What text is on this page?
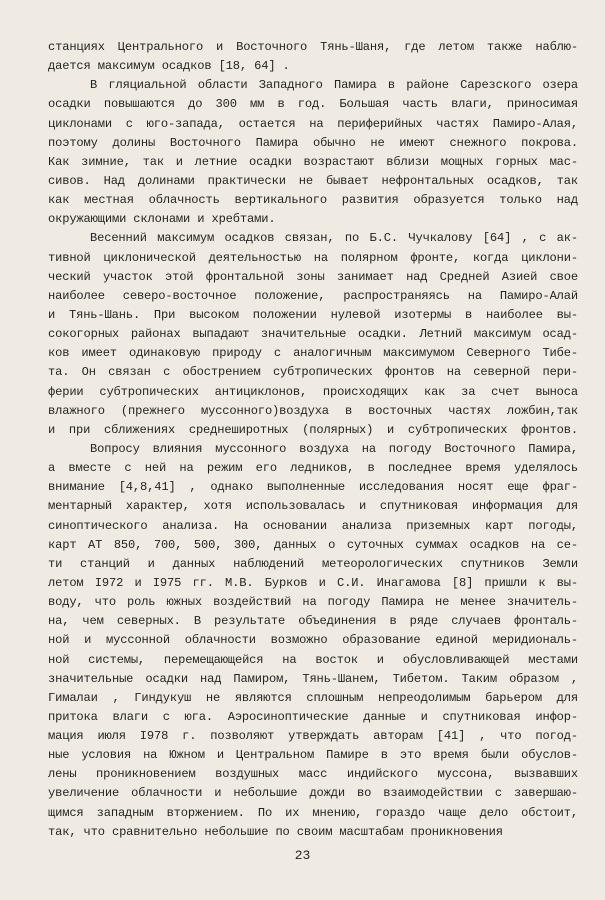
станциях Центрального и Восточного Тянь-Шаня, где летом также наблю-
дается максимум осадков [18, 64] .
В гляциальной области Западного Памира в районе Сарезского озера
осадки повышаются до 300 мм в год. Большая часть влаги, приносимая
циклонами с юго-запада, остается на периферийных частях Памиро-Алая,
поэтому долины Восточного Памира обычно не имеют снежного покрова.
Как зимние, так и летние осадки возрастают вблизи мощных горных мас-
сивов. Над долинами практически не бывает нефронтальных осадков, так
как местная облачность вертикального развития образуется только над
окружающими склонами и хребтами.
Весенний максимум осадков связан, по Б.С. Чучкалову [64] , с ак-
тивной циклонической деятельностью на полярном фронте, когда циклони-
ческий участок этой фронтальной зоны занимает над Средней Азией свое
наиболее северо-восточное положение, распространяясь на Памиро-Алай
и Тянь-Шань. При высоком положении нулевой изотермы в наиболее вы-
сокогорных районах выпадают значительные осадки. Летний максимум осад-
ков имеет одинаковую природу с аналогичным максимумом Северного Тибе-
та. Он связан с обострением субтропических фронтов на северной пери-
ферии субтропических антициклонов, происходящих как за счет выноса
влажного (прежнего муссонного)воздуха в восточных частях ложбин,так
и при сближениях среднеширотных (полярных) и субтропических фронтов.
Вопросу влияния муссонного воздуха на погоду Восточного Памира,
а вместе с ней на режим его ледников, в последнее время уделялось
внимание [4,8,41] , однако выполненные исследования носят еще фраг-
ментарный характер, хотя использовалась и спутниковая информация для
синоптического анализа. На основании анализа приземных карт погоды,
карт АТ 850, 700, 500, 300, данных о суточных суммах осадков на се-
ти станций и данных наблюдений метеорологических спутников Земли
летом I972 и I975 гг. М.В. Бурков и С.И. Инагамова [8] пришли к вы-
воду, что роль южных воздействий на погоду Памира не менее значитель-
на, чем северных. В результате объединения в ряде случаев фронталь-
ной и муссонной облачности возможно образование единой меридиональ-
ной системы, перемещающейся на восток и обусловливающей местами
значительные осадки над Памиром, Тянь-Шанем, Тибетом. Таким образом ,
Гималаи , Гиндукуш не являются сплошным непреодолимым барьером для
притока влаги с юга. Аэросиноптические данные и спутниковая инфор-
мация июля I978 г. позволяют утверждать авторам [41] , что погод-
ные условия на Южном и Центральном Памире в это время были обуслов-
лены проникновением воздушных масс индийского муссона, вызвавших
увеличение облачности и небольшие дожди во взаимодействии с завершаю-
щимся западным вторжением. По их мнению, гораздо чаще дело обстоит,
так, что сравнительно небольшие по своим масштабам проникновения
23
